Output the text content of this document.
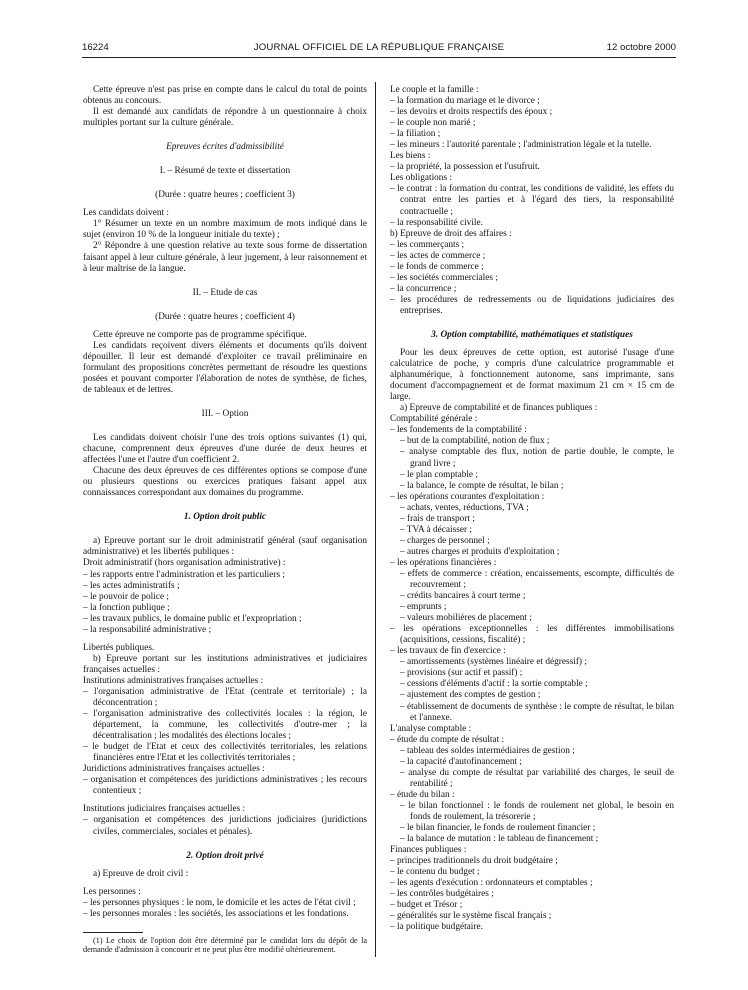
16224	JOURNAL OFFICIEL DE LA RÉPUBLIQUE FRANÇAISE	12 octobre 2000

Cette épreuve n'est pas prise en compte dans le calcul du total de points obtenus au concours.

Il est demandé aux candidats de répondre à un questionnaire à choix multiples portant sur la culture générale.

Epreuves écrites d'admissibilité

I. – Résumé de texte et dissertation

(Durée : quatre heures ; coefficient 3)

Les candidats doivent :

1° Résumer un texte en un nombre maximum de mots indiqué dans le sujet (environ 10 % de la longueur initiale du texte) ;

2° Répondre à une question relative au texte sous forme de dissertation faisant appel à leur culture générale, à leur jugement, à leur raisonnement et à leur maîtrise de la langue.

II. – Etude de cas

(Durée : quatre heures ; coefficient 4)

Cette épreuve ne comporte pas de programme spécifique.

Les candidats reçoivent divers éléments et documents qu'ils doivent dépouiller. Il leur est demandé d'exploiter ce travail préliminaire en formulant des propositions concrètes permettant de résoudre les questions posées et pouvant comporter l'élaboration de notes de synthèse, de fiches, de tableaux et de lettres.

III. – Option

Les candidats doivent choisir l'une des trois options suivantes (1) qui, chacune, comprennent deux épreuves d'une durée de deux heures et affectées l'une et l'autre d'un coefficient 2.

Chacune des deux épreuves de ces différentes options se compose d'une ou plusieurs questions ou exercices pratiques faisant appel aux connaissances correspondant aux domaines du programme.

1. Option droit public

a) Epreuve portant sur le droit administratif général (sauf organisation administrative) et les libertés publiques :

Droit administratif (hors organisation administrative) :

– les rapports entre l'administration et les particuliers ;

– les actes administratifs ;

– le pouvoir de police ;

– la fonction publique ;

– les travaux publics, le domaine public et l'expropriation ;

– la responsabilité administrative ;

Libertés publiques.

b) Epreuve portant sur les institutions administratives et judiciaires françaises actuelles :

Institutions administratives françaises actuelles :

– l'organisation administrative de l'Etat (centrale et territoriale) ; la déconcentration ;

– l'organisation administrative des collectivités locales : la région, le département, la commune, les collectivités d'outre-mer ; la décentralisation ; les modalités des élections locales ;

– le budget de l'Etat et ceux des collectivités territoriales, les relations financières entre l'Etat et les collectivités territoriales ;

Juridictions administratives françaises actuelles :

– organisation et compétences des juridictions administratives ; les recours contentieux ;

Institutions judiciaires françaises actuelles :

– organisation et compétences des juridictions judiciaires (juridictions civiles, commerciales, sociales et pénales).

2. Option droit privé

a) Epreuve de droit civil :

Les personnes :

– les personnes physiques : le nom, le domicile et les actes de l'état civil ;

– les personnes morales : les sociétés, les associations et les fondations.

(1) Le choix de l'option doit être déterminé par le candidat lors du dépôt de la demande d'admission à concourir et ne peut plus être modifié ultérieurement.

Le couple et la famille :

– la formation du mariage et le divorce ;

– les devoirs et droits respectifs des époux ;

– le couple non marié ;

– la filiation ;

– les mineurs : l'autorité parentale ; l'administration légale et la tutelle.

Les biens :

– la propriété, la possession et l'usufruit.

Les obligations :

– le contrat : la formation du contrat, les conditions de validité, les effets du contrat entre les parties et à l'égard des tiers, la responsabilité contractuelle ;

– la responsabilité civile.

b) Epreuve de droit des affaires :

– les commerçants ;

– les actes de commerce ;

– le fonds de commerce ;

– les sociétés commerciales ;

– la concurrence ;

– les procédures de redressements ou de liquidations judiciaires des entreprises.

3. Option comptabilité, mathématiques et statistiques

Pour les deux épreuves de cette option, est autorisé l'usage d'une calculatrice de poche, y compris d'une calculatrice programmable et alphanumérique, à fonctionnement autonome, sans imprimante, sans document d'accompagnement et de format maximum 21 cm × 15 cm de large.

a) Epreuve de comptabilité et de finances publiques :

Comptabilité générale :

– les fondements de la comptabilité :

– but de la comptabilité, notion de flux ;

– analyse comptable des flux, notion de partie double, le compte, le grand livre ;

– le plan comptable ;

– la balance, le compte de résultat, le bilan ;

– les opérations courantes d'exploitation :

– achats, ventes, réductions, TVA ;

– frais de transport ;

– TVA à décaisser ;

– charges de personnel ;

– autres charges et produits d'exploitation ;

– les opérations financières :

– effets de commerce : création, encaissements, escompte, difficultés de recouvrement ;

– crédits bancaires à court terme ;

– emprunts ;

– valeurs mobilières de placement ;

– les opérations exceptionnelles : les différentes immobilisations (acquisitions, cessions, fiscalité) ;

– les travaux de fin d'exercice :

– amortissements (systèmes linéaire et dégressif) ;

– provisions (sur actif et passif) ;

– cessions d'éléments d'actif : la sortie comptable ;

– ajustement des comptes de gestion ;

– établissement de documents de synthèse : le compte de résultat, le bilan et l'annexe.

L'analyse comptable :

– étude du compte de résultat :

– tableau des soldes intermédiaires de gestion ;

– la capacité d'autofinancement ;

– analyse du compte de résultat par variabilité des charges, le seuil de rentabilité ;

– étude du bilan :

– le bilan fonctionnel : le fonds de roulement net global, le besoin en fonds de roulement, la trésorerie ;

– le bilan financier, le fonds de roulement financier ;

– la balance de mutation : le tableau de financement ;

Finances publiques :

– principes traditionnels du droit budgétaire ;

– le contenu du budget ;

– les agents d'exécution : ordonnateurs et comptables ;

– les contrôles budgétaires ;

– budget et Trésor ;

– généralités sur le système fiscal français ;

– la politique budgétaire.
